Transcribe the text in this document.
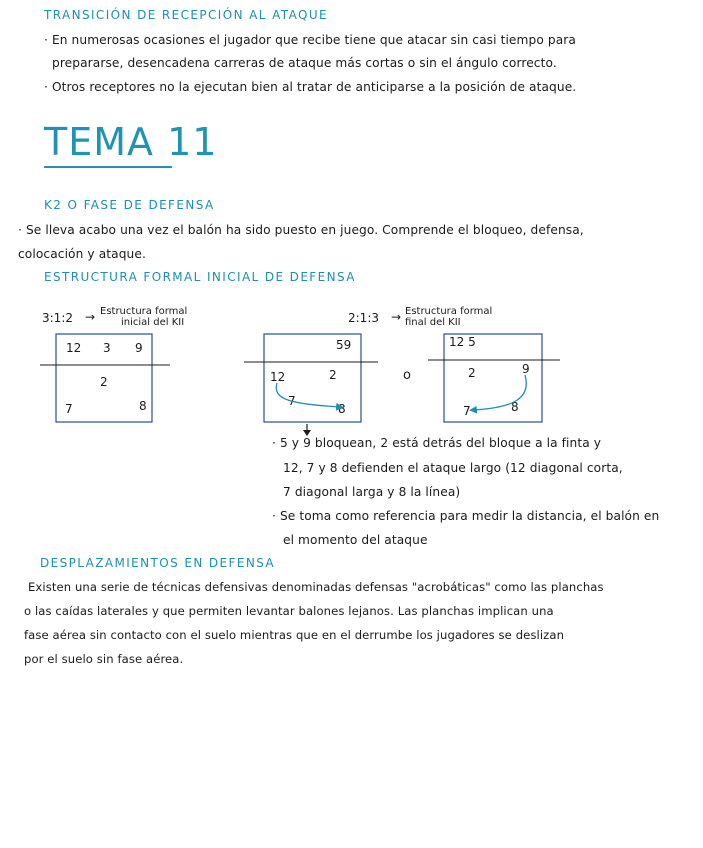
TRANSICIÓN DE RECEPCIÓN AL ATAQUE
· En numerosas ocasiones el jugador que recibe tiene que atacar sin casi tiempo para
prepararse, desencadena carreras de ataque más cortas o sin el ángulo correcto.
· Otros receptores no la ejecutan bien al tratar de anticiparse a la posición de ataque.
TEMA 11
K2 O FASE DE DEFENSA
· Se lleva acabo una vez el balón ha sido puesto en juego. Comprende el bloqueo, defensa,
colocación y ataque.
ESTRUCTURA FORMAL INICIAL DE DEFENSA
3:1:2 → Estructura formal
inicial del KII	2:1:3 → Estructura formal
final del KII
12 3 9
2
7	8
59
12	2
7
8
o
12 5
2	9
7	8
· 5 y 9 bloquean, 2 está detrás del bloque a la finta y
12, 7 y 8 defienden el ataque largo (12 diagonal corta,
7 diagonal larga y 8 la línea)
· Se toma como referencia para medir la distancia, el balón en
el momento del ataque
DESPLAZAMIENTOS EN DEFENSA
Existen una serie de técnicas defensivas denominadas defensas "acrobáticas" como las planchas
o las caídas laterales y que permiten levantar balones lejanos. Las planchas implican una
fase aérea sin contacto con el suelo mientras que en el derrumbe los jugadores se deslizan
por el suelo sin fase aérea.
